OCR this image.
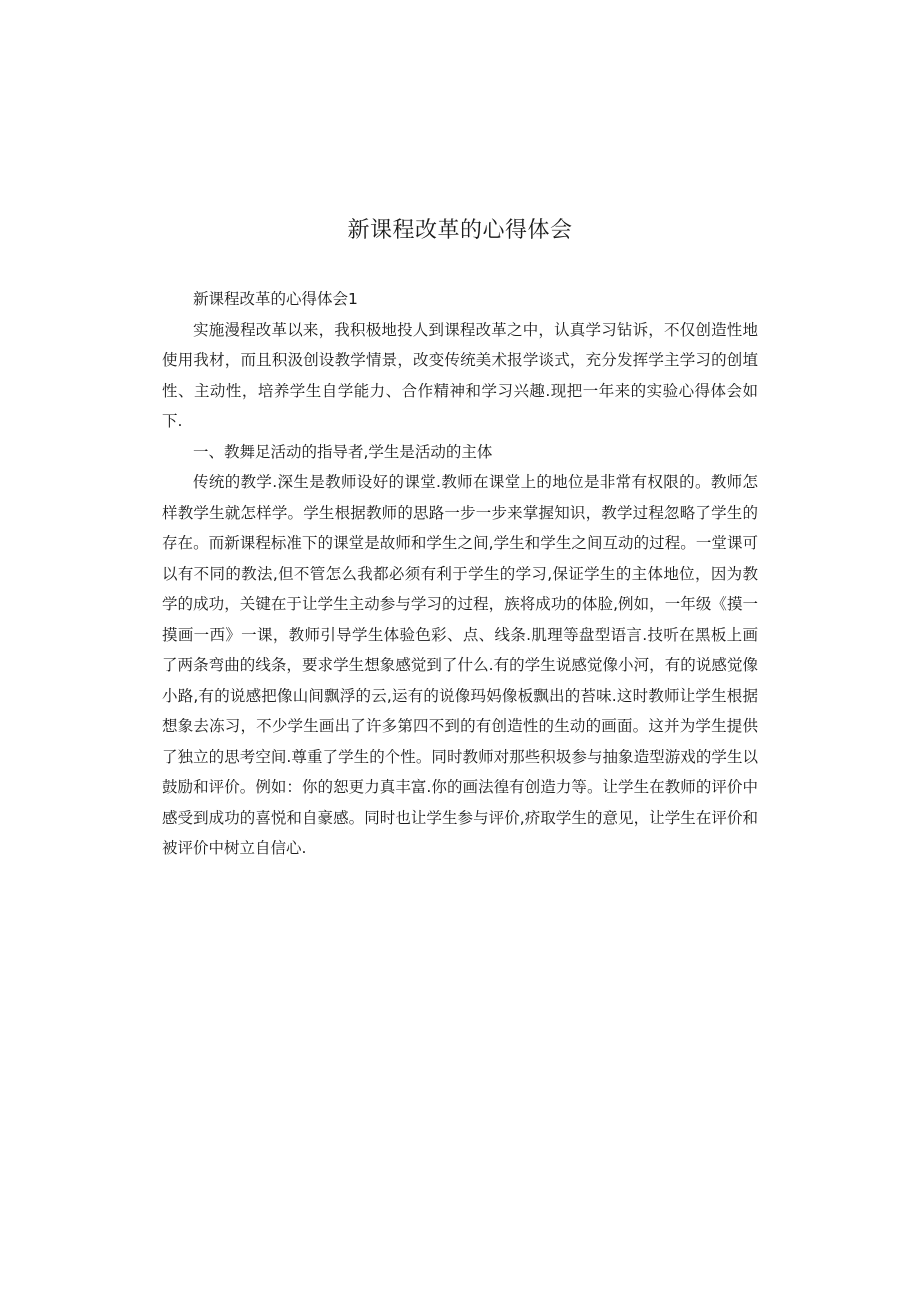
新课程改革的心得体会

新课程改革的心得体会1

实施漫程改革以来，我积极地投人到课程改革之中，认真学习钻诉，不仅创造性地使用我材，而且积汲创设教学情景，改变传统美术报学谈式，充分发挥学主学习的创埴性、主动性，培养学生自学能力、合作精神和学习兴趣.现把一年来的实验心得体会如下.

一、教舞足活动的指导者,学生是活动的主体

传统的教学.深生是教师设好的课堂.教师在课堂上的地位是非常有权限的。教师怎样教学生就怎样学。学生根据教师的思路一步一步来掌握知识，教学过程忽略了学生的存在。而新课程标准下的课堂是故师和学生之间,学生和学生之间互动的过程。一堂课可以有不同的教法,但不管怎么我都必须有利于学生的学习,保证学生的主体地位，因为教学的成功，关键在于让学生主动参与学习的过程，族将成功的体脸,例如，一年级《摸一摸画一西》一课，教师引导学生体验色彩、点、线条.肌理等盘型语言.技听在黑板上画了两条弯曲的线条，要求学生想象感觉到了什么.有的学生说感觉像小河，有的说感觉像小路,有的说感把像山间飘浮的云,运有的说像玛妈像板飘出的苔味.这时教师让学生根据想象去冻习，不少学生画出了许多第四不到的有创造性的生动的画面。这并为学生提供了独立的思考空间.尊重了学生的个性。同时教师对那些积圾参与抽象造型游戏的学生以鼓励和评价。例如：你的恕更力真丰富.你的画法徨有创造力等。让学生在教师的评价中感受到成功的喜悦和自豪感。同时也让学生参与评价,疥取学生的意见，让学生在评价和被评价中树立自信心.
